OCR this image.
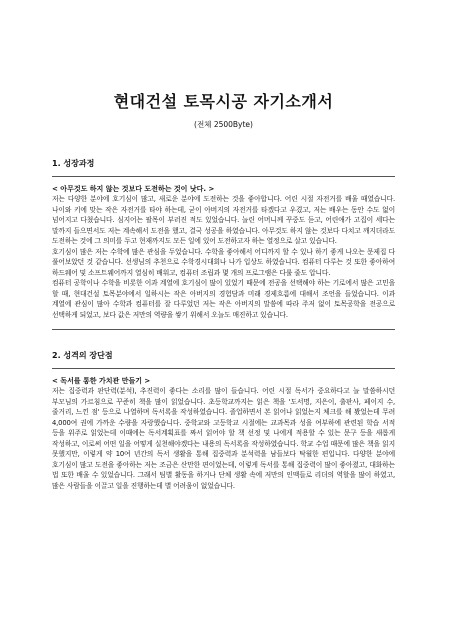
현대건설 토목시공 자기소개서
(전체 2500Byte)
1. 성장과정
< 아무것도 하지 않는 것보다 도전하는 것이 낫다. >
저는 다양한 분야에 호기심이 많고, 새로운 분야에 도전하는 것을 좋아합니다. 어린 시절 자전거를 배울 때였습니다. 나이와 키에 맞는 작은 자전거를 타야 하는데, 굳이 아버지의 자전거를 타겠다고 우겼고, 저는 배우는 동안 수도 없이 넘어지고 다쳤습니다. 심지어는 팔목이 부러진 적도 있었습니다. 늘린 어머니께 꾸중도 듣고, 어린애가 고집이 세다는 말까지 들으면서도 저는 계속해서 도전을 했고, 결국 성공을 하였습니다. 아무것도 하지 않는 것보다 다치고 깨지더라도 도전하는 것에 그 의미를 두고 현재까지도 모든 일에 있어 도전하고자 하는 열정으로 살고 있습니다.
호기심이 많은 저는 수학에 많은 관심을 두었습니다. 수학을 좋아해서 어디까지 할 수 있나 하기 좋게 나오는 문제집 다 풀어보았던 것 같습니다. 선생님의 추천으로 수학경시대회나 나가 입상도 하였습니다. 컴퓨터 다루는 것 또한 좋아하여 하드웨어 및 소프트웨어까지 열심히 배워고, 컴퓨터 조립과 몇 개의 프로그램은 다룰 줄도 압니다.
컴퓨터 공학이나 수학을 비롯한 이과 계열에 호기심이 많이 있었기 때문에 전공을 선택해야 하는 기로에서 많은 고민을 할 때, 현대건설 토목분야에서 일하시는 작은 아버지의 경험담과 미래 경제흐름에 대해서 조언을 들었습니다. 이과 계열에 관심이 많아 수학과 컴퓨터를 잘 다루었던 저는 작은 아버지의 말씀에 따라 주저 없이 토목공학을 전공으로 선택하게 되었고, 보다 값은 저만의 역량을 쌓기 위해서 오늘도 매진하고 있습니다.
2. 성격의 장단점
< 독서를 통한 가치관 만들기 >
저는 집중력과 판단력(분석), 추진력이 좋다는 소리를 많이 들습니다. 어린 시절 독서가 중요하다고 늘 말씀하시던 부모님의 가르침으로 꾸준히 책을 많이 읽었습니다. 초등학교까지는 읽은 책을 '도서명, 지은이, 출판사, 페이지 수, 줄거리, 느낀 점' 등으로 나열하며 독서록을 작성하였습니다. 졸업하면서 본 읽어나 읽었는지 체크를 해 봤었는데 무려 4,000여 권에 가까운 수량을 자랑했습니다. 중학교와 고등학교 시절에는 교과목과 성을 여부하에 관련된 학습 서적 등을 위주로 읽었는데 이때에는 독서계획표를 짜서 읽어야 할 책 선정 및 나에게 적용할 수 있는 문구 등을 새롭게 작성하고, 이로써 어떤 일을 어떻게 실천해야겠다는 내용의 독서록을 작성하였습니다. 학교 수업 때문에 많은 책을 읽지 못했지만, 이렇게 약 10여 년간의 독서 생활을 통해 집중력과 분석력을 남들보다 탁월한 편입니다. 다양한 분야에 호기심이 많고 도전을 좋아하는 저는 조금은 산만한 편이었는데, 이렇게 독서를 통해 집중력이 많이 좋아졌고, 대화하는 법 또한 배울 수 있었습니다. 그래서 팀별 활동을 하거나 단체 생활 속에 저만의 인맥들로 리더의 역할을 많이 하였고, 많은 사람들을 이끌고 일을 진행하는데 별 어려움이 없었습니다.
